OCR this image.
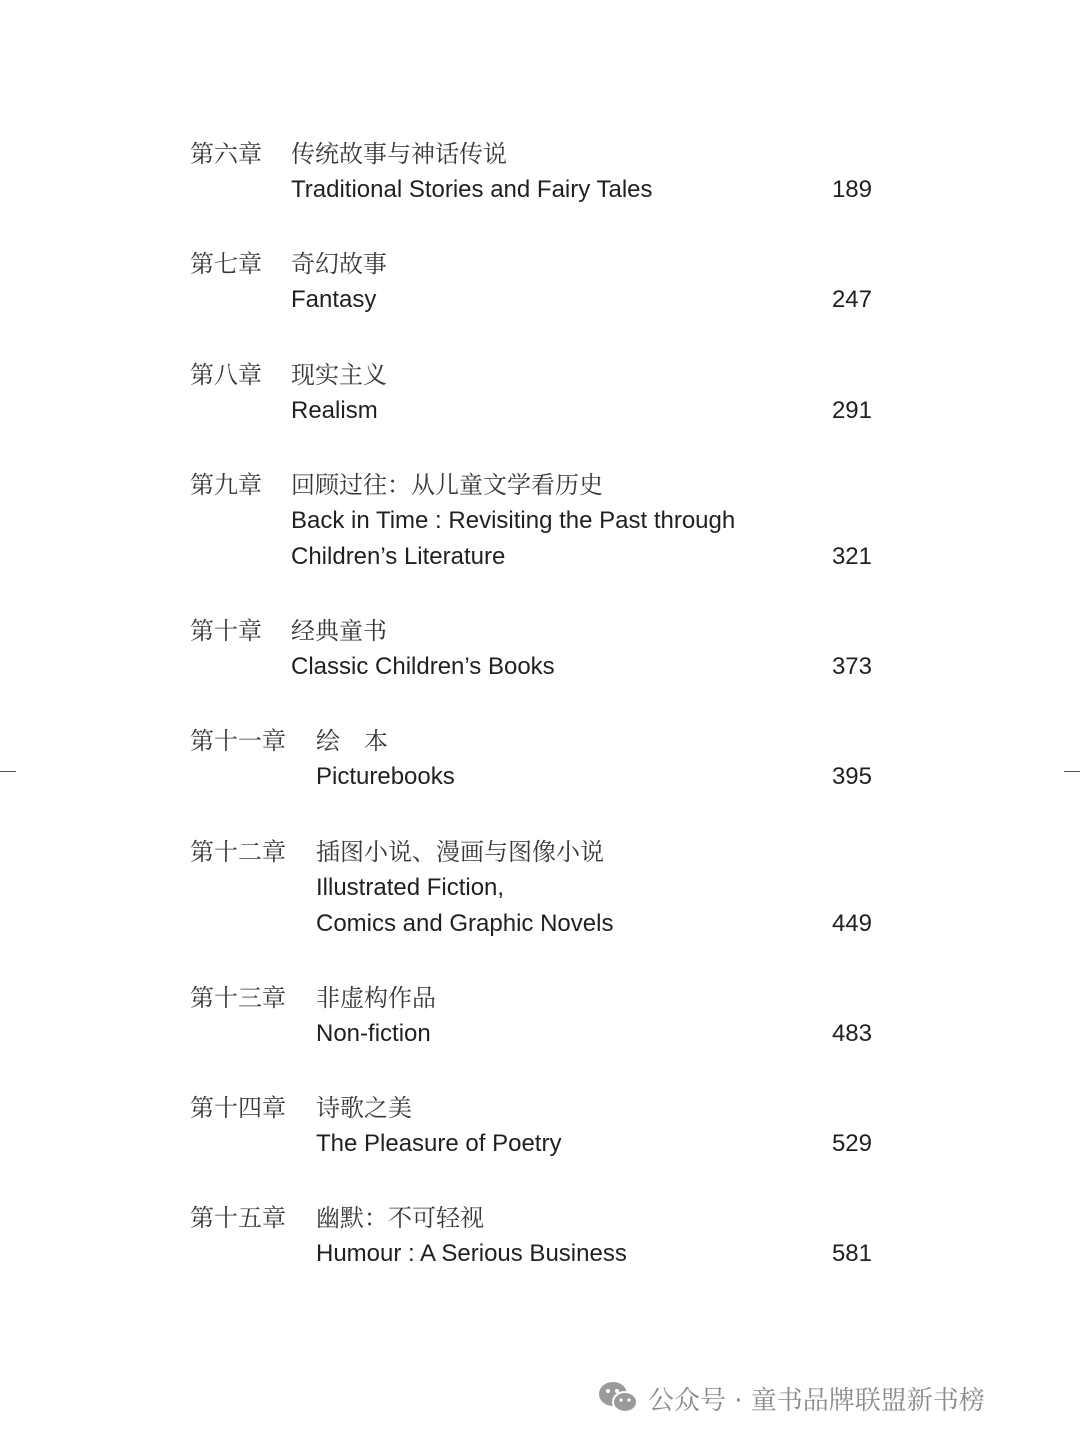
第六章 传统故事与神话传说
Traditional Stories and Fairy Tales	189
第七章 奇幻故事
Fantasy	247
第八章 现实主义
Realism	291
第九章 回顾过往：从儿童文学看历史
Back in Time : Revisiting the Past through
Children’s Literature	321
第十章 经典童书
Classic Children’s Books	373
第十一章 绘　本
Picturebooks	395
第十二章 插图小说、漫画与图像小说
Illustrated Fiction,
Comics and Graphic Novels	449
第十三章 非虚构作品
Non-fiction	483
第十四章 诗歌之美
The Pleasure of Poetry	529
第十五章 幽默：不可轻视
Humour : A Serious Business	581
公众号 · 童书品牌联盟新书榜
